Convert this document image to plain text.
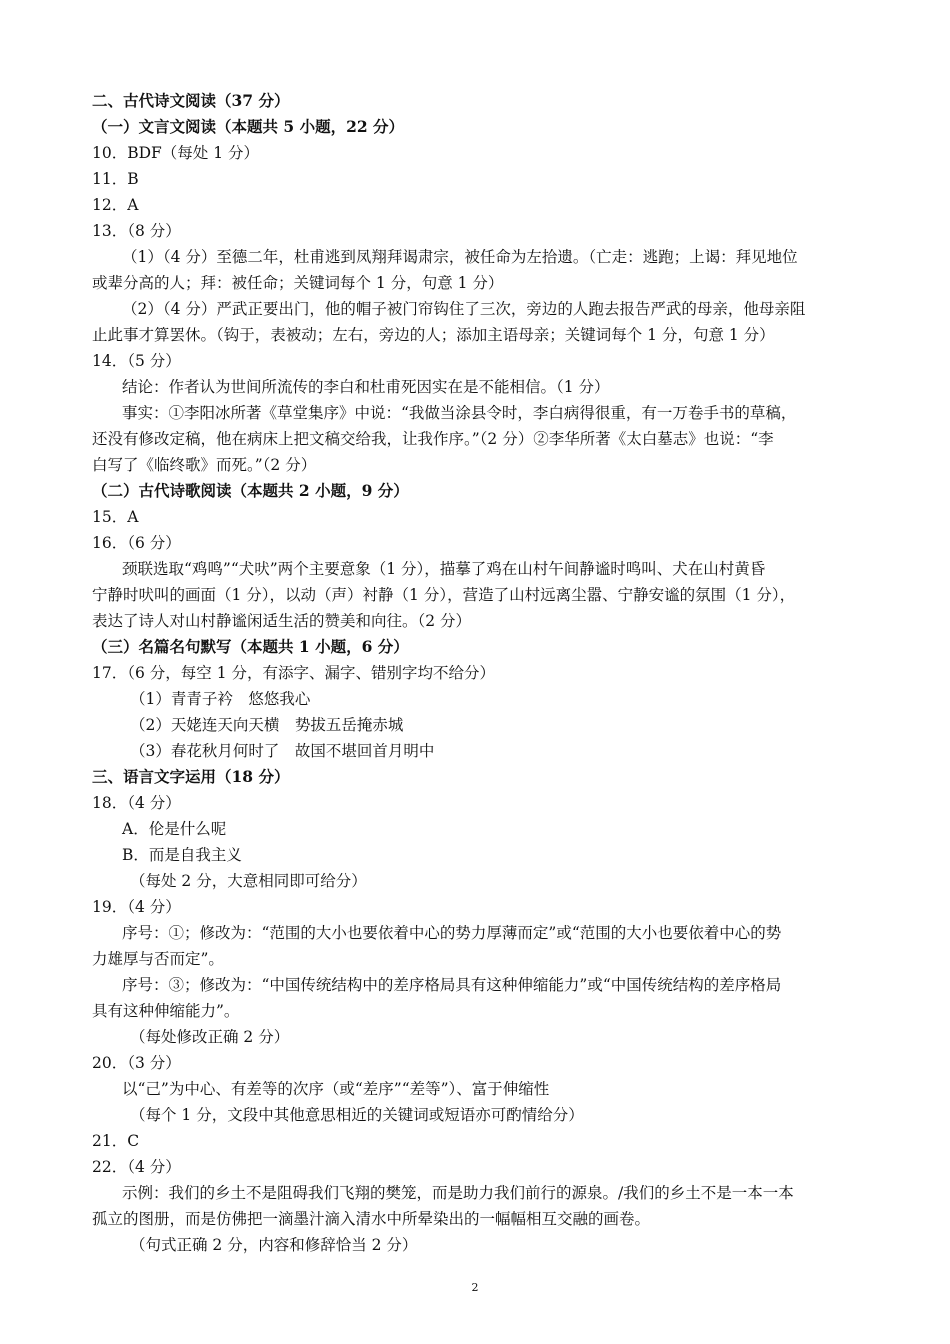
二、古代诗文阅读（37 分）
（一）文言文阅读（本题共 5 小题，22 分）
10．BDF（每处 1 分）
11．B
12．A
13．（8 分）
（1）（4 分）至德二年，杜甫逃到凤翔拜谒肃宗，被任命为左拾遗。（亡走：逃跑；上谒：拜见地位
或辈分高的人；拜：被任命；关键词每个 1 分，句意 1 分）
（2）（4 分）严武正要出门，他的帽子被门帘钩住了三次，旁边的人跑去报告严武的母亲，他母亲阻
止此事才算罢休。（钩于，表被动；左右，旁边的人；添加主语母亲；关键词每个 1 分，句意 1 分）
14．（5 分）
结论：作者认为世间所流传的李白和杜甫死因实在是不能相信。（1 分）
事实：①李阳冰所著《草堂集序》中说：“我做当涂县令时，李白病得很重，有一万卷手书的草稿，
还没有修改定稿，他在病床上把文稿交给我，让我作序。”（2 分）②李华所著《太白墓志》也说：“李
白写了《临终歌》而死。”（2 分）
（二）古代诗歌阅读（本题共 2 小题，9 分）
15．A
16．（6 分）
颈联选取“鸡鸣”“犬吠”两个主要意象（1 分），描摹了鸡在山村午间静谧时鸣叫、犬在山村黄昏
宁静时吠叫的画面（1 分），以动（声）衬静（1 分），营造了山村远离尘嚣、宁静安谧的氛围（1 分），
表达了诗人对山村静谧闲适生活的赞美和向往。（2 分）
（三）名篇名句默写（本题共 1 小题，6 分）
17．（6 分，每空 1 分，有添字、漏字、错别字均不给分）
（1）青青子衿　悠悠我心
（2）天姥连天向天横　势拔五岳掩赤城
（3）春花秋月何时了　故国不堪回首月明中
三、语言文字运用（18 分）
18．（4 分）
A．伦是什么呢
B．而是自我主义
（每处 2 分，大意相同即可给分）
19．（4 分）
序号：①；修改为：“范围的大小也要依着中心的势力厚薄而定”或“范围的大小也要依着中心的势
力雄厚与否而定”。
序号：③；修改为：“中国传统结构中的差序格局具有这种伸缩能力”或“中国传统结构的差序格局
具有这种伸缩能力”。
（每处修改正确 2 分）
20．（3 分）
以“己”为中心、有差等的次序（或“差序”“差等”）、富于伸缩性
（每个 1 分，文段中其他意思相近的关键词或短语亦可酌情给分）
21．C
22．（4 分）
示例：我们的乡土不是阻碍我们飞翔的樊笼，而是助力我们前行的源泉。/我们的乡土不是一本一本
孤立的图册，而是仿佛把一滴墨汁滴入清水中所晕染出的一幅幅相互交融的画卷。
（句式正确 2 分，内容和修辞恰当 2 分）
2
